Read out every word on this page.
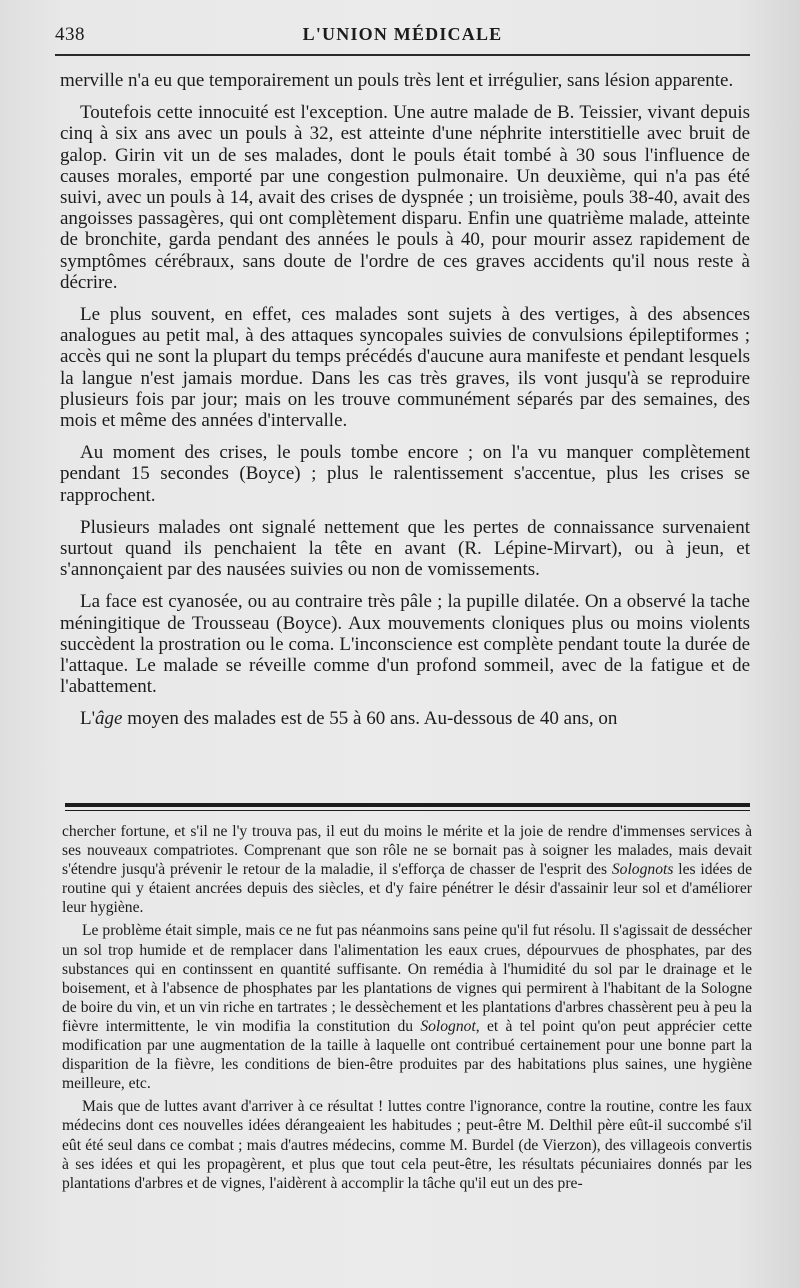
438	L'UNION MÉDICALE

merville n'a eu que temporairement un pouls très lent et irrégulier, sans lésion apparente.

Toutefois cette innocuité est l'exception. Une autre malade de B. Teissier, vivant depuis cinq à six ans avec un pouls à 32, est atteinte d'une néphrite interstitielle avec bruit de galop. Girin vit un de ses malades, dont le pouls était tombé à 30 sous l'influence de causes morales, emporté par une congestion pulmonaire. Un deuxième, qui n'a pas été suivi, avec un pouls à 14, avait des crises de dyspnée ; un troisième, pouls 38-40, avait des angoisses passagères, qui ont complètement disparu. Enfin une quatrième malade, atteinte de bronchite, garda pendant des années le pouls à 40, pour mourir assez rapidement de symptômes cérébraux, sans doute de l'ordre de ces graves accidents qu'il nous reste à décrire.

Le plus souvent, en effet, ces malades sont sujets à des vertiges, à des absences analogues au petit mal, à des attaques syncopales suivies de convulsions épileptiformes ; accès qui ne sont la plupart du temps précédés d'aucune aura manifeste et pendant lesquels la langue n'est jamais mordue. Dans les cas très graves, ils vont jusqu'à se reproduire plusieurs fois par jour; mais on les trouve communément séparés par des semaines, des mois et même des années d'intervalle.

Au moment des crises, le pouls tombe encore ; on l'a vu manquer complètement pendant 15 secondes (Boyce) ; plus le ralentissement s'accentue, plus les crises se rapprochent.

Plusieurs malades ont signalé nettement que les pertes de connaissance survenaient surtout quand ils penchaient la tête en avant (R. Lépine-Mirvart), ou à jeun, et s'annonçaient par des nausées suivies ou non de vomissements.

La face est cyanosée, ou au contraire très pâle ; la pupille dilatée. On a observé la tache méningitique de Trousseau (Boyce). Aux mouvements cloniques plus ou moins violents succèdent la prostration ou le coma. L'inconscience est complète pendant toute la durée de l'attaque. Le malade se réveille comme d'un profond sommeil, avec de la fatigue et de l'abattement.

L'âge moyen des malades est de 55 à 60 ans. Au-dessous de 40 ans, on

chercher fortune, et s'il ne l'y trouva pas, il eut du moins le mérite et la joie de rendre d'immenses services à ses nouveaux compatriotes. Comprenant que son rôle ne se bornait pas à soigner les malades, mais devait s'étendre jusqu'à prévenir le retour de la maladie, il s'efforça de chasser de l'esprit des Solognots les idées de routine qui y étaient ancrées depuis des siècles, et d'y faire pénétrer le désir d'assainir leur sol et d'améliorer leur hygiène.

Le problème était simple, mais ce ne fut pas néanmoins sans peine qu'il fut résolu. Il s'agissait de dessécher un sol trop humide et de remplacer dans l'alimentation les eaux crues, dépourvues de phosphates, par des substances qui en continssent en quantité suffisante. On remédia à l'humidité du sol par le drainage et le boisement, et à l'absence de phosphates par les plantations de vignes qui permirent à l'habitant de la Sologne de boire du vin, et un vin riche en tartrates ; le dessèchement et les plantations d'arbres chassèrent peu à peu la fièvre intermittente, le vin modifia la constitution du Solognot, et à tel point qu'on peut apprécier cette modification par une augmentation de la taille à laquelle ont contribué certainement pour une bonne part la disparition de la fièvre, les conditions de bien-être produites par des habitations plus saines, une hygiène meilleure, etc.

Mais que de luttes avant d'arriver à ce résultat ! luttes contre l'ignorance, contre la routine, contre les faux médecins dont ces nouvelles idées dérangeaient les habitudes ; peut-être M. Delthil père eût-il succombé s'il eût été seul dans ce combat ; mais d'autres médecins, comme M. Burdel (de Vierzon), des villageois convertis à ses idées et qui les propagèrent, et plus que tout cela peut-être, les résultats pécuniaires donnés par les plantations d'arbres et de vignes, l'aidèrent à accomplir la tâche qu'il eut un des pre-
